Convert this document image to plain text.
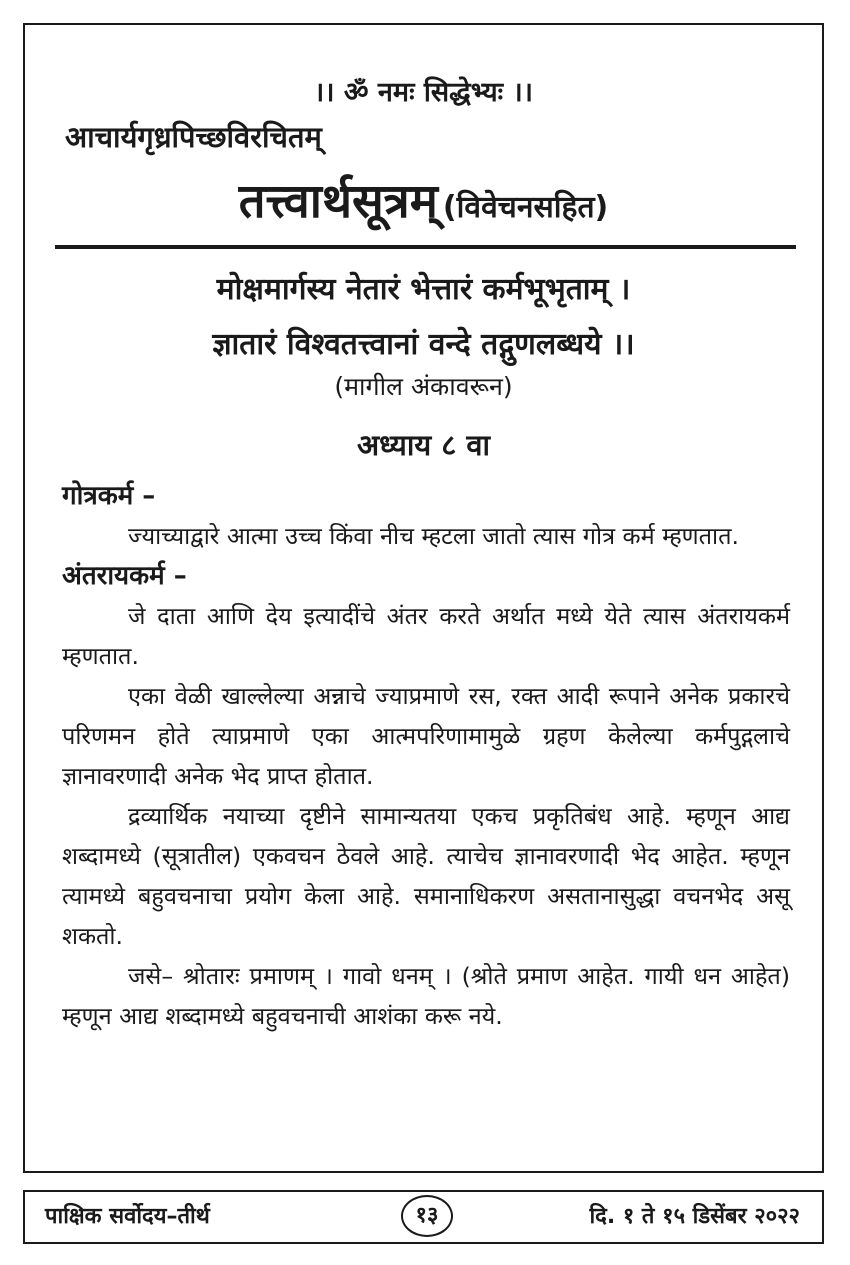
।। ॐ नमः सिद्धेभ्यः ।।
आचार्यगृध्रपिच्छविरचितम्
तत्त्वार्थसूत्रम् (विवेचनसहित)
मोक्षमार्गस्य नेतारं भेत्तारं कर्मभूभृताम् ।
ज्ञातारं विश्वतत्त्वानां वन्दे तद्गुणलब्धये ।।
(मागील अंकावरून)
अध्याय ८ वा

गोत्रकर्म –

ज्याच्याद्वारे आत्मा उच्च किंवा नीच म्हटला जातो त्यास गोत्र कर्म म्हणतात.

अंतरायकर्म –

जे दाता आणि देय इत्यादींचे अंतर करते अर्थात मध्ये येते त्यास अंतरायकर्म म्हणतात.

एका वेळी खाल्लेल्या अन्नाचे ज्याप्रमाणे रस, रक्त आदी रूपाने अनेक प्रकारचे परिणमन होते त्याप्रमाणे एका आत्मपरिणामामुळे ग्रहण केलेल्या कर्मपुद्गलाचे ज्ञानावरणादी अनेक भेद प्राप्त होतात.

द्रव्यार्थिक नयाच्या दृष्टीने सामान्यतया एकच प्रकृतिबंध आहे. म्हणून आद्य शब्दामध्ये (सूत्रातील) एकवचन ठेवले आहे. त्याचेच ज्ञानावरणादी भेद आहेत. म्हणून त्यामध्ये बहुवचनाचा प्रयोग केला आहे. समानाधिकरण असतानासुद्धा वचनभेद असू शकतो.

जसे– श्रोतारः प्रमाणम् । गावो धनम् । (श्रोते प्रमाण आहेत. गायी धन आहेत) म्हणून आद्य शब्दामध्ये बहुवचनाची आशंका करू नये.

पाक्षिक सर्वोदय–तीर्थ	१३	दि. १ ते १५ डिसेंबर २०२२
